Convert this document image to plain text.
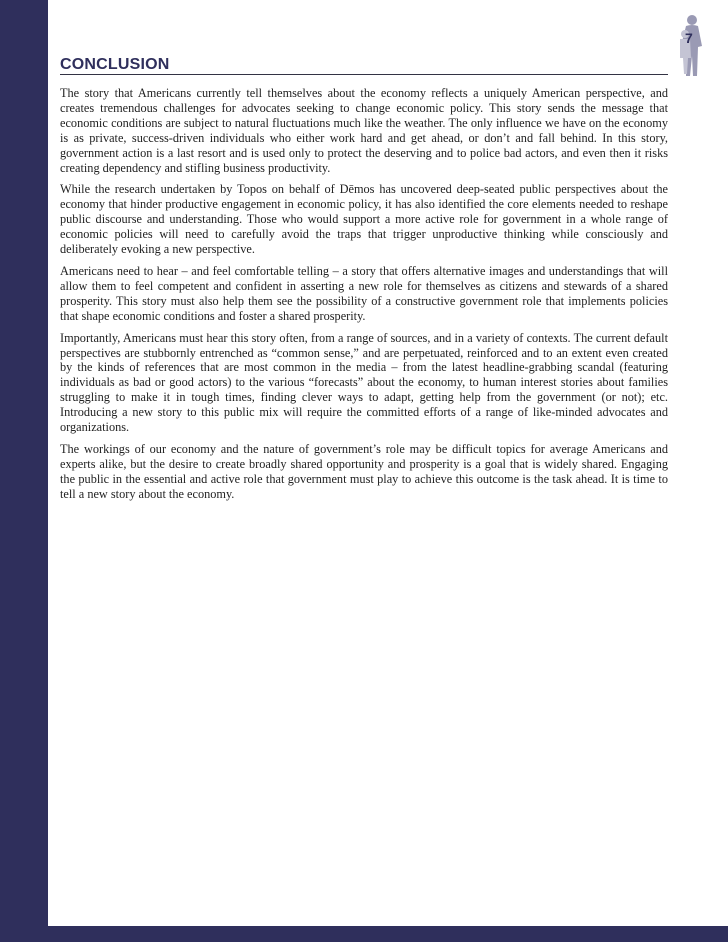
7
CONCLUSION

The story that Americans currently tell themselves about the economy reflects a uniquely American perspective, and creates tremendous challenges for advocates seeking to change economic policy. This story sends the message that economic conditions are subject to natural fluctuations much like the weather. The only influence we have on the economy is as private, success-driven individuals who either work hard and get ahead, or don’t and fall behind. In this story, government action is a last resort and is used only to protect the deserving and to police bad actors, and even then it risks creating dependency and stifling business productivity.

While the research undertaken by Topos on behalf of Dēmos has uncovered deep-seated public perspectives about the economy that hinder productive engagement in economic policy, it has also identified the core elements needed to reshape public discourse and understanding. Those who would support a more active role for government in a whole range of economic policies will need to carefully avoid the traps that trigger unproductive thinking while consciously and deliberately evoking a new perspective.

Americans need to hear – and feel comfortable telling – a story that offers alternative images and understandings that will allow them to feel competent and confident in asserting a new role for themselves as citizens and stewards of a shared prosperity. This story must also help them see the possibility of a constructive government role that implements policies that shape economic conditions and foster a shared prosperity.

Importantly, Americans must hear this story often, from a range of sources, and in a variety of contexts. The current default perspectives are stubbornly entrenched as “common sense,” and are perpetuated, reinforced and to an extent even created by the kinds of references that are most common in the media – from the latest headline-grabbing scandal (featuring individuals as bad or good actors) to the various “forecasts” about the economy, to human interest stories about families struggling to make it in tough times, finding clever ways to adapt, getting help from the government (or not); etc. Introducing a new story to this public mix will require the committed efforts of a range of like-minded advocates and organizations.

The workings of our economy and the nature of government’s role may be difficult topics for average Americans and experts alike, but the desire to create broadly shared opportunity and prosperity is a goal that is widely shared. Engaging the public in the essential and active role that government must play to achieve this outcome is the task ahead. It is time to tell a new story about the economy.
